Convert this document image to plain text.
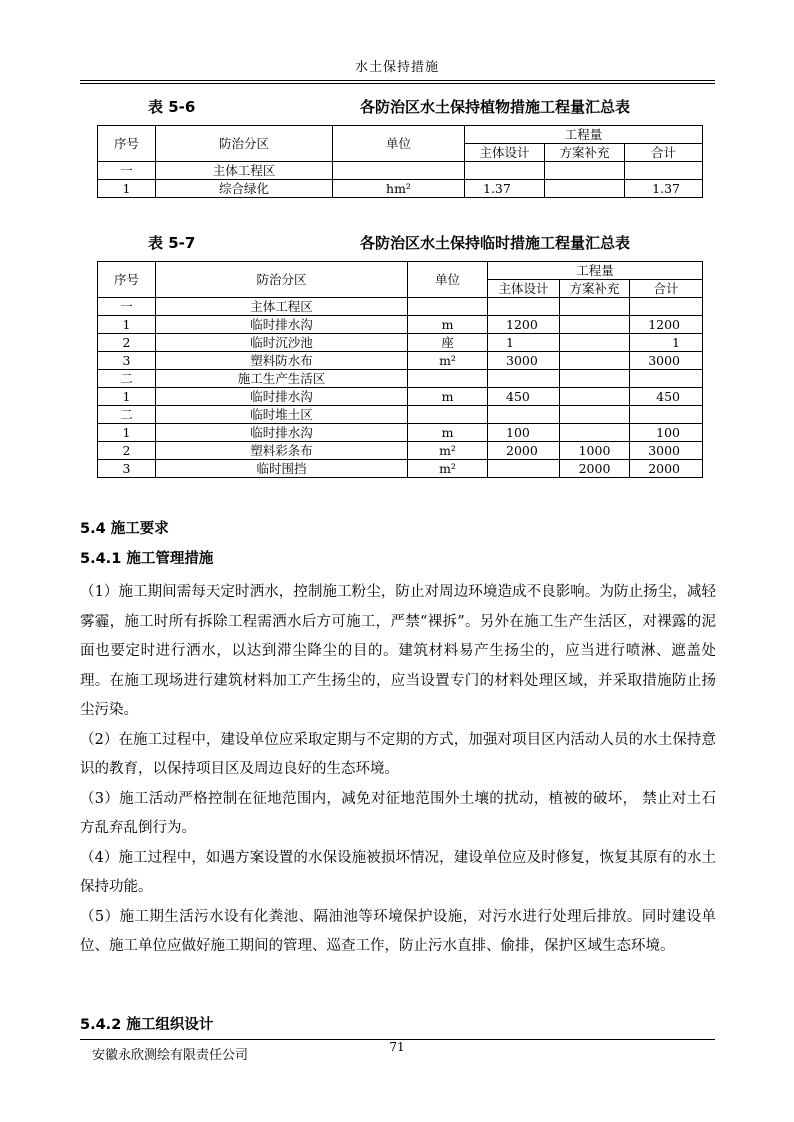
水土保持措施
表 5-6	各防治区水土保持植物措施工程量汇总表
序号	防治分区	单位	工程量		
			主体设计	方案补充	合计
一	主体工程区				
1	综合绿化	hm²	1.37		1.37
表 5-7	各防治区水土保持临时措施工程量汇总表
序号	防治分区	单位	工程量		
			主体设计	方案补充	合计
一	主体工程区				
1	临时排水沟	m	1200		1200
2	临时沉沙池	座	1		1
3	塑料防水布	m²	3000		3000
二	施工生产生活区				
1	临时排水沟	m	450		450
二	临时堆土区				
1	临时排水沟	m	100		100
2	塑料彩条布	m²	2000	1000	3000
3	临时围挡	m²		2000	2000
5.4 施工要求
5.4.1 施工管理措施

（1）施工期间需每天定时洒水，控制施工粉尘，防止对周边环境造成不良影响。为防止扬尘，减轻雾霾，施工时所有拆除工程需洒水后方可施工，严禁“裸拆”。另外在施工生产生活区，对裸露的泥面也要定时进行洒水，以达到滞尘降尘的目的。建筑材料易产生扬尘的，应当进行喷淋、遮盖处理。在施工现场进行建筑材料加工产生扬尘的，应当设置专门的材料处理区域，并采取措施防止扬尘污染。

（2）在施工过程中，建设单位应采取定期与不定期的方式，加强对项目区内活动人员的水土保持意识的教育，以保持项目区及周边良好的生态环境。

（3）施工活动严格控制在征地范围内，减免对征地范围外土壤的扰动，植被的破坏， 禁止对土石方乱弃乱倒行为。

（4）施工过程中，如遇方案设置的水保设施被损坏情况，建设单位应及时修复，恢复其原有的水土保持功能。

（5）施工期生活污水设有化粪池、隔油池等环境保护设施，对污水进行处理后排放。同时建设单位、施工单位应做好施工期间的管理、巡查工作，防止污水直排、偷排，保护区域生态环境。

5.4.2 施工组织设计
安徽永欣测绘有限责任公司
71
